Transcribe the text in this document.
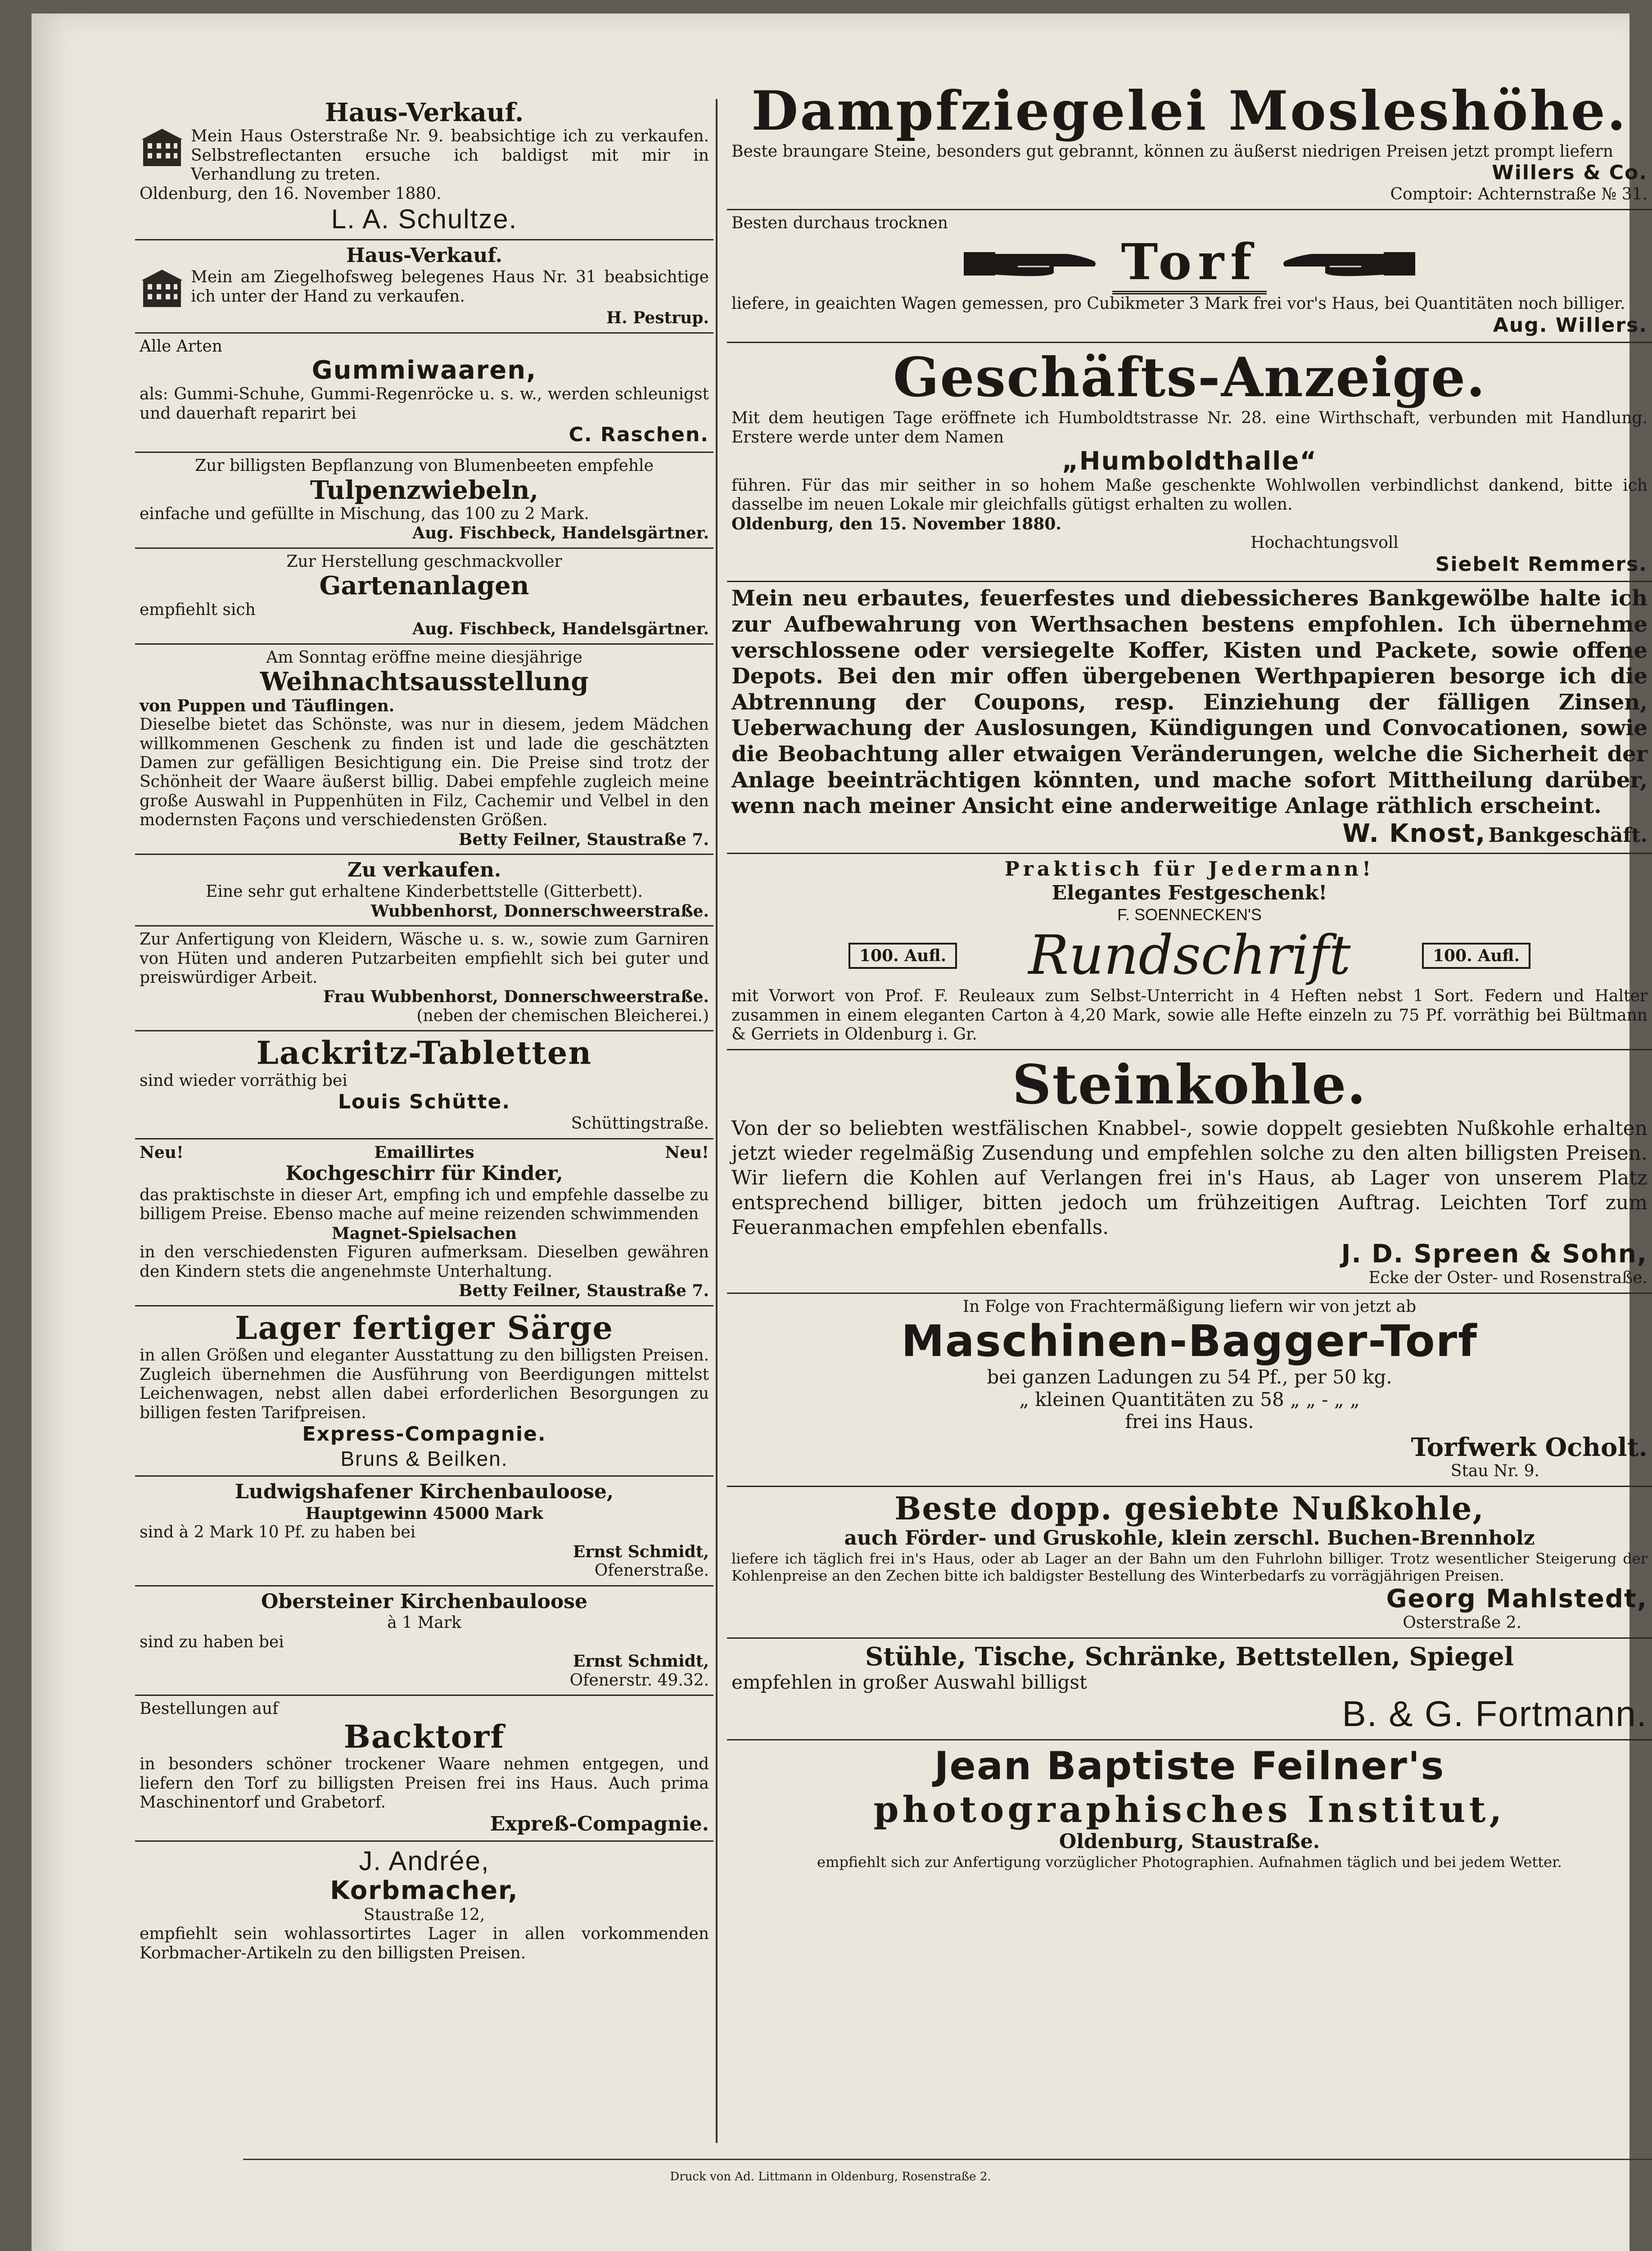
Haus-Verkauf.
Mein Haus Osterstraße Nr. 9. beabsichtige ich zu verkaufen. Selbstreflectanten ersuche ich baldigst mit mir in Verhandlung zu treten.
Oldenburg, den 16. November 1880.
L. A. Schultze.
Haus-Verkauf.
Mein am Ziegelhofsweg belegenes Haus Nr. 31 beabsichtige ich unter der Hand zu verkaufen.
H. Pestrup.
Alle Arten
Gummiwaaren,
als: Gummi-Schuhe, Gummi-Regenröcke u. s. w., werden schleunigst und dauerhaft reparirt bei
C. Raschen.
Zur billigsten Bepflanzung von Blumenbeeten empfehle
Tulpenzwiebeln,
einfache und gefüllte in Mischung, das 100 zu 2 Mark.
Aug. Fischbeck, Handelsgärtner.
Zur Herstellung geschmackvoller
Gartenanlagen
empfiehlt sich
Aug. Fischbeck, Handelsgärtner.
Am Sonntag eröffne meine diesjährige
Weihnachtsausstellung
von Puppen und Täuflingen.
Dieselbe bietet das Schönste, was nur in diesem, jedem Mädchen willkommenen Geschenk zu finden ist und lade die geschätzten Damen zur gefälligen Besichtigung ein. Die Preise sind trotz der Schönheit der Waare äußerst billig. Dabei empfehle zugleich meine große Auswahl in Puppenhüten in Filz, Cachemir und Velbel in den modernsten Façons und verschiedensten Größen.
Betty Feilner, Staustraße 7.
Zu verkaufen.
Eine sehr gut erhaltene Kinderbettstelle (Gitterbett).
Wubbenhorst, Donnerschweerstraße.
Zur Anfertigung von Kleidern, Wäsche u. s. w., sowie zum Garniren von Hüten und anderen Putzarbeiten empfiehlt sich bei guter und preiswürdiger Arbeit.
Frau Wubbenhorst, Donnerschweerstraße.
(neben der chemischen Bleicherei.)
Lackritz-Tabletten
sind wieder vorräthig bei
Louis Schütte.
Schüttingstraße.
Neu!	Emaillirtes	Neu!
Kochgeschirr für Kinder,
das praktischste in dieser Art, empfing ich und empfehle dasselbe zu billigem Preise. Ebenso mache auf meine reizenden schwimmenden
Magnet-Spielsachen
in den verschiedensten Figuren aufmerksam. Dieselben gewähren den Kindern stets die angenehmste Unterhaltung.
Betty Feilner, Staustraße 7.
Lager fertiger Särge
in allen Größen und eleganter Ausstattung zu den billigsten Preisen. Zugleich übernehmen die Ausführung von Beerdigungen mittelst Leichenwagen, nebst allen dabei erforderlichen Besorgungen zu billigen festen Tarifpreisen.
Express-Compagnie.
Bruns & Beilken.
Ludwigshafener Kirchenbauloose,
Hauptgewinn 45000 Mark
sind à 2 Mark 10 Pf. zu haben bei
Ernst Schmidt,
Ofenerstraße.
Obersteiner Kirchenbauloose
à 1 Mark
sind zu haben bei
Ernst Schmidt,
Ofenerstr. 49.32.
Bestellungen auf
Backtorf
in besonders schöner trockener Waare nehmen entgegen, und liefern den Torf zu billigsten Preisen frei ins Haus. Auch prima Maschinentorf und Grabetorf.
Expreß-Compagnie.
J. Andrée,
Korbmacher,
Staustraße 12,
empfiehlt sein wohlassortirtes Lager in allen vorkommenden Korbmacher-Artikeln zu den billigsten Preisen.
Dampfziegelei Mosleshöhe.
Beste braungare Steine, besonders gut gebrannt, können zu äußerst niedrigen Preisen jetzt prompt liefern
Willers & Co.
Comptoir: Achternstraße № 31.
Besten durchaus trocknen
Torf
liefere, in geaichten Wagen gemessen, pro Cubikmeter 3 Mark frei vor's Haus, bei Quantitäten noch billiger.
Aug. Willers.
Geschäfts-Anzeige.
Mit dem heutigen Tage eröffnete ich Humboldtstrasse Nr. 28. eine Wirthschaft, verbunden mit Handlung. Erstere werde unter dem Namen
„Humboldthalle“
führen. Für das mir seither in so hohem Maße geschenkte Wohlwollen verbindlichst dankend, bitte ich dasselbe im neuen Lokale mir gleichfalls gütigst erhalten zu wollen.
Oldenburg, den 15. November 1880.
Hochachtungsvoll
Siebelt Remmers.
Mein neu erbautes, feuerfestes und diebessicheres Bankgewölbe halte ich zur Aufbewahrung von Werthsachen bestens empfohlen. Ich übernehme verschlossene oder versiegelte Koffer, Kisten und Packete, sowie offene Depots. Bei den mir offen übergebenen Werthpapieren besorge ich die Abtrennung der Coupons, resp. Einziehung der fälligen Zinsen, Ueberwachung der Auslosungen, Kündigungen und Convocationen, sowie die Beobachtung aller etwaigen Veränderungen, welche die Sicherheit der Anlage beeinträchtigen könnten, und mache sofort Mittheilung darüber, wenn nach meiner Ansicht eine anderweitige Anlage räthlich erscheint.
W. Knost, Bankgeschäft.
Praktisch für Jedermann!
Elegantes Festgeschenk!
F. SOENNECKEN'S
100. Aufl. Rundschrift	100. Aufl.
mit Vorwort von Prof. F. Reuleaux zum Selbst-Unterricht in 4 Heften nebst 1 Sort. Federn und Halter zusammen in einem eleganten Carton à 4,20 Mark, sowie alle Hefte einzeln zu 75 Pf. vorräthig bei Bültmann & Gerriets in Oldenburg i. Gr.
Steinkohle.
Von der so beliebten westfälischen Knabbel-, sowie doppelt gesiebten Nußkohle erhalten jetzt wieder regelmäßig Zusendung und empfehlen solche zu den alten billigsten Preisen. Wir liefern die Kohlen auf Verlangen frei in's Haus, ab Lager von unserem Platz entsprechend billiger, bitten jedoch um frühzeitigen Auftrag. Leichten Torf zum Feueranmachen empfehlen ebenfalls.
J. D. Spreen & Sohn,
Ecke der Oster- und Rosenstraße.
In Folge von Frachtermäßigung liefern wir von jetzt ab
Maschinen-Bagger-Torf
bei ganzen Ladungen zu 54 Pf., per 50 kg.
„ kleinen Quantitäten zu 58 „ „ - „ „
frei ins Haus.
Torfwerk Ocholt.
Stau Nr. 9.
Beste dopp. gesiebte Nußkohle,
auch Förder- und Gruskohle, klein zerschl. Buchen-Brennholz
liefere ich täglich frei in's Haus, oder ab Lager an der Bahn um den Fuhrlohn billiger. Trotz wesentlicher Steigerung der Kohlenpreise an den Zechen bitte ich baldigster Bestellung des Winterbedarfs zu vorrägjährigen Preisen.
Georg Mahlstedt,
Osterstraße 2.
Stühle, Tische, Schränke, Bettstellen, Spiegel
empfehlen in großer Auswahl billigst
B. & G. Fortmann.
Jean Baptiste Feilner's
photographisches Institut,
Oldenburg, Staustraße.
empfiehlt sich zur Anfertigung vorzüglicher Photographien. Aufnahmen täglich und bei jedem Wetter.
Druck von Ad. Littmann in Oldenburg, Rosenstraße 2.
